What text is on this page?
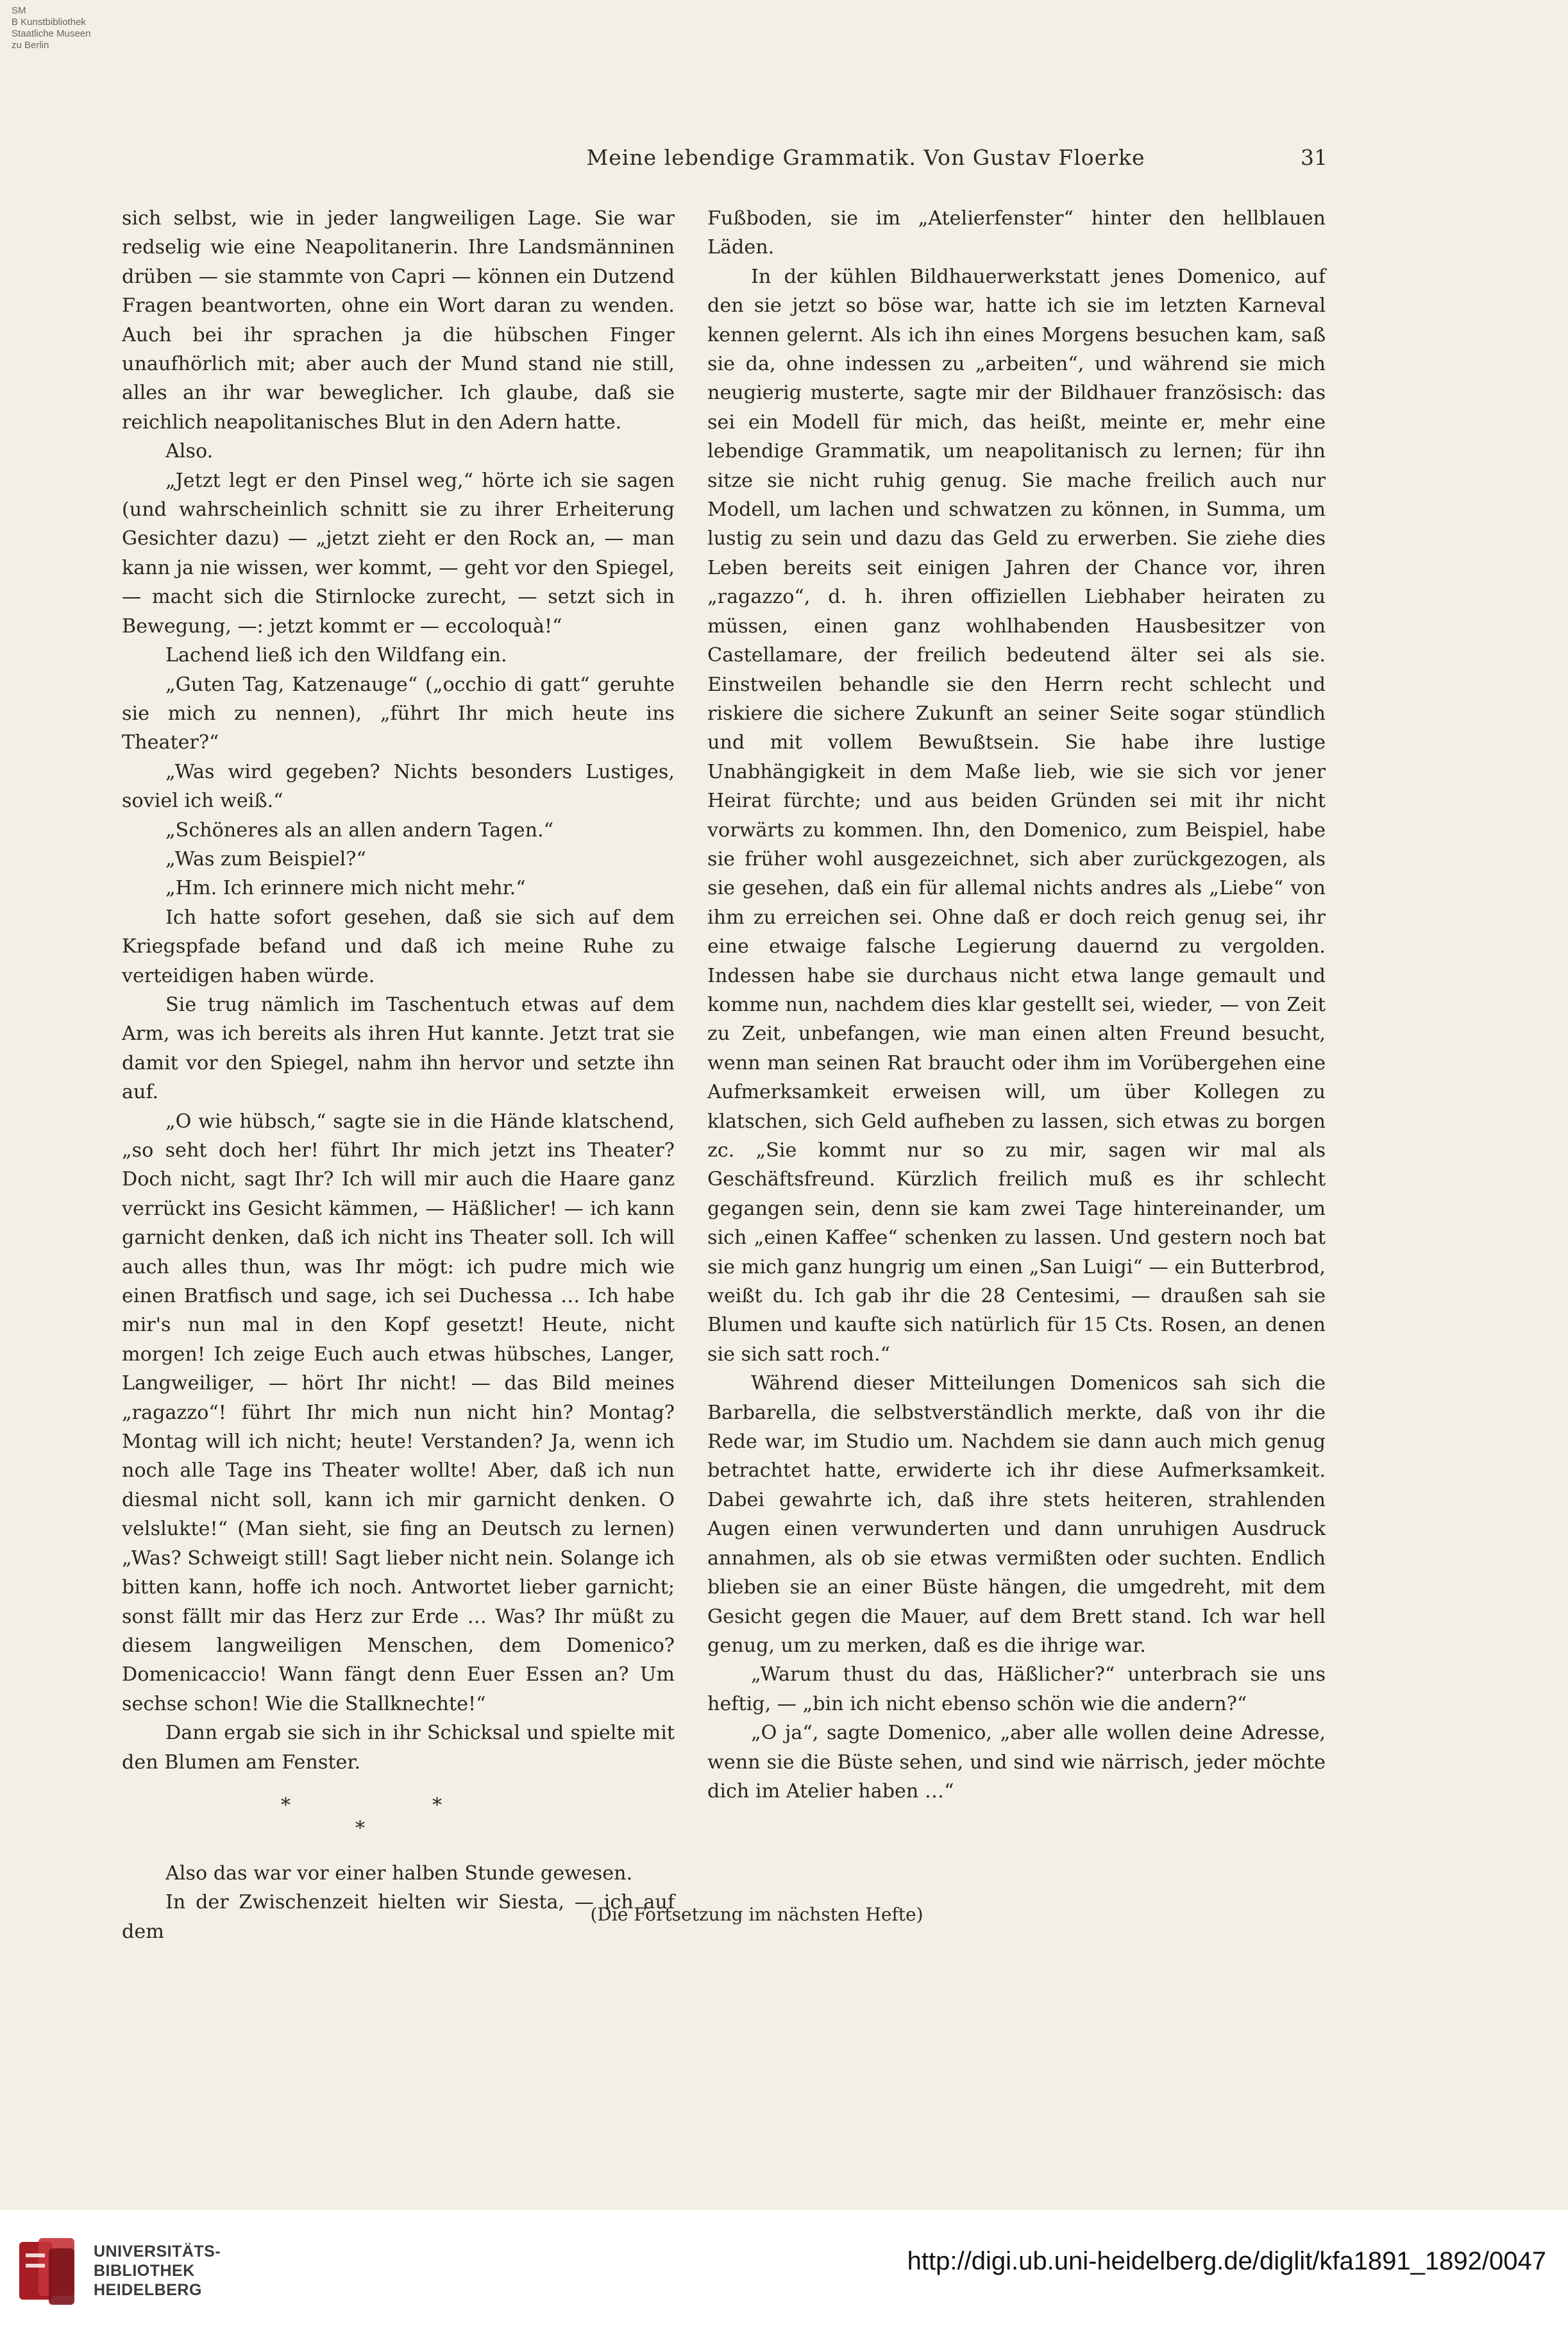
SM
B Kunstbibliothek
Staatliche Museen
zu Berlin
Meine lebendige Grammatik. Von Gustav Floerke	31

sich selbst, wie in jeder langweiligen Lage. Sie war redselig wie eine Neapolitanerin. Ihre Landsmänninen drüben — sie stammte von Capri — können ein Dutzend Fragen beantworten, ohne ein Wort daran zu wenden. Auch bei ihr sprachen ja die hübschen Finger unaufhörlich mit; aber auch der Mund stand nie still, alles an ihr war beweglicher. Ich glaube, daß sie reichlich neapolitanisches Blut in den Adern hatte.

Also.

„Jetzt legt er den Pinsel weg,“ hörte ich sie sagen (und wahrscheinlich schnitt sie zu ihrer Erheiterung Gesichter dazu) — „jetzt zieht er den Rock an, — man kann ja nie wissen, wer kommt, — geht vor den Spiegel, — macht sich die Stirnlocke zurecht, — setzt sich in Bewegung, —: jetzt kommt er — eccoloquà!“

Lachend ließ ich den Wildfang ein.

„Guten Tag, Katzenauge“ („occhio di gatt“ geruhte sie mich zu nennen), „führt Ihr mich heute ins Theater?“

„Was wird gegeben? Nichts besonders Lustiges, soviel ich weiß.“

„Schöneres als an allen andern Tagen.“

„Was zum Beispiel?“

„Hm. Ich erinnere mich nicht mehr.“

Ich hatte sofort gesehen, daß sie sich auf dem Kriegspfade befand und daß ich meine Ruhe zu verteidigen haben würde.

Sie trug nämlich im Taschentuch etwas auf dem Arm, was ich bereits als ihren Hut kannte. Jetzt trat sie damit vor den Spiegel, nahm ihn hervor und setzte ihn auf.

„O wie hübsch,“ sagte sie in die Hände klatschend, „so seht doch her! führt Ihr mich jetzt ins Theater? Doch nicht, sagt Ihr? Ich will mir auch die Haare ganz verrückt ins Gesicht kämmen, — Häßlicher! — ich kann garnicht denken, daß ich nicht ins Theater soll. Ich will auch alles thun, was Ihr mögt: ich pudre mich wie einen Bratfisch und sage, ich sei Duchessa … Ich habe mir's nun mal in den Kopf gesetzt! Heute, nicht morgen! Ich zeige Euch auch etwas hübsches, Langer, Langweiliger, — hört Ihr nicht! — das Bild meines „ragazzo“! führt Ihr mich nun nicht hin? Montag? Montag will ich nicht; heute! Verstanden? Ja, wenn ich noch alle Tage ins Theater wollte! Aber, daß ich nun diesmal nicht soll, kann ich mir garnicht denken. O velslukte!“ (Man sieht, sie fing an Deutsch zu lernen) „Was? Schweigt still! Sagt lieber nicht nein. Solange ich bitten kann, hoffe ich noch. Antwortet lieber garnicht; sonst fällt mir das Herz zur Erde … Was? Ihr müßt zu diesem langweiligen Menschen, dem Domenico? Domenicaccio! Wann fängt denn Euer Essen an? Um sechse schon! Wie die Stallknechte!“

Dann ergab sie sich in ihr Schicksal und spielte mit den Blumen am Fenster.

*	*
*

Also das war vor einer halben Stunde gewesen.

In der Zwischenzeit hielten wir Siesta, — ich auf dem

Fußboden, sie im „Atelierfenster“ hinter den hellblauen Läden.

In der kühlen Bildhauerwerkstatt jenes Domenico, auf den sie jetzt so böse war, hatte ich sie im letzten Karneval kennen gelernt. Als ich ihn eines Morgens besuchen kam, saß sie da, ohne indessen zu „arbeiten“, und während sie mich neugierig musterte, sagte mir der Bildhauer französisch: das sei ein Modell für mich, das heißt, meinte er, mehr eine lebendige Grammatik, um neapolitanisch zu lernen; für ihn sitze sie nicht ruhig genug. Sie mache freilich auch nur Modell, um lachen und schwatzen zu können, in Summa, um lustig zu sein und dazu das Geld zu erwerben. Sie ziehe dies Leben bereits seit einigen Jahren der Chance vor, ihren „ragazzo“, d. h. ihren offiziellen Liebhaber heiraten zu müssen, einen ganz wohlhabenden Hausbesitzer von Castellamare, der freilich bedeutend älter sei als sie. Einstweilen behandle sie den Herrn recht schlecht und riskiere die sichere Zukunft an seiner Seite sogar stündlich und mit vollem Bewußtsein. Sie habe ihre lustige Unabhängigkeit in dem Maße lieb, wie sie sich vor jener Heirat fürchte; und aus beiden Gründen sei mit ihr nicht vorwärts zu kommen. Ihn, den Domenico, zum Beispiel, habe sie früher wohl ausgezeichnet, sich aber zurückgezogen, als sie gesehen, daß ein für allemal nichts andres als „Liebe“ von ihm zu erreichen sei. Ohne daß er doch reich genug sei, ihr eine etwaige falsche Legierung dauernd zu vergolden. Indessen habe sie durchaus nicht etwa lange gemault und komme nun, nachdem dies klar gestellt sei, wieder, — von Zeit zu Zeit, unbefangen, wie man einen alten Freund besucht, wenn man seinen Rat braucht oder ihm im Vorübergehen eine Aufmerksamkeit erweisen will, um über Kollegen zu klatschen, sich Geld aufheben zu lassen, sich etwas zu borgen zc. „Sie kommt nur so zu mir, sagen wir mal als Geschäftsfreund. Kürzlich freilich muß es ihr schlecht gegangen sein, denn sie kam zwei Tage hintereinander, um sich „einen Kaffee“ schenken zu lassen. Und gestern noch bat sie mich ganz hungrig um einen „San Luigi“ — ein Butterbrod, weißt du. Ich gab ihr die 28 Centesimi, — draußen sah sie Blumen und kaufte sich natürlich für 15 Cts. Rosen, an denen sie sich satt roch.“

Während dieser Mitteilungen Domenicos sah sich die Barbarella, die selbstverständlich merkte, daß von ihr die Rede war, im Studio um. Nachdem sie dann auch mich genug betrachtet hatte, erwiderte ich ihr diese Aufmerksamkeit. Dabei gewahrte ich, daß ihre stets heiteren, strahlenden Augen einen verwunderten und dann unruhigen Ausdruck annahmen, als ob sie etwas vermißten oder suchten. Endlich blieben sie an einer Büste hängen, die umgedreht, mit dem Gesicht gegen die Mauer, auf dem Brett stand. Ich war hell genug, um zu merken, daß es die ihrige war.

„Warum thust du das, Häßlicher?“ unterbrach sie uns heftig, — „bin ich nicht ebenso schön wie die andern?“

„O ja“, sagte Domenico, „aber alle wollen deine Adresse, wenn sie die Büste sehen, und sind wie närrisch, jeder möchte dich im Atelier haben …“

(Die Fortsetzung im nächsten Hefte)
UNIVERSITÄTS-
BIBLIOTHEK
HEIDELBERG
http://digi.ub.uni-heidelberg.de/diglit/kfa1891_1892/0047
